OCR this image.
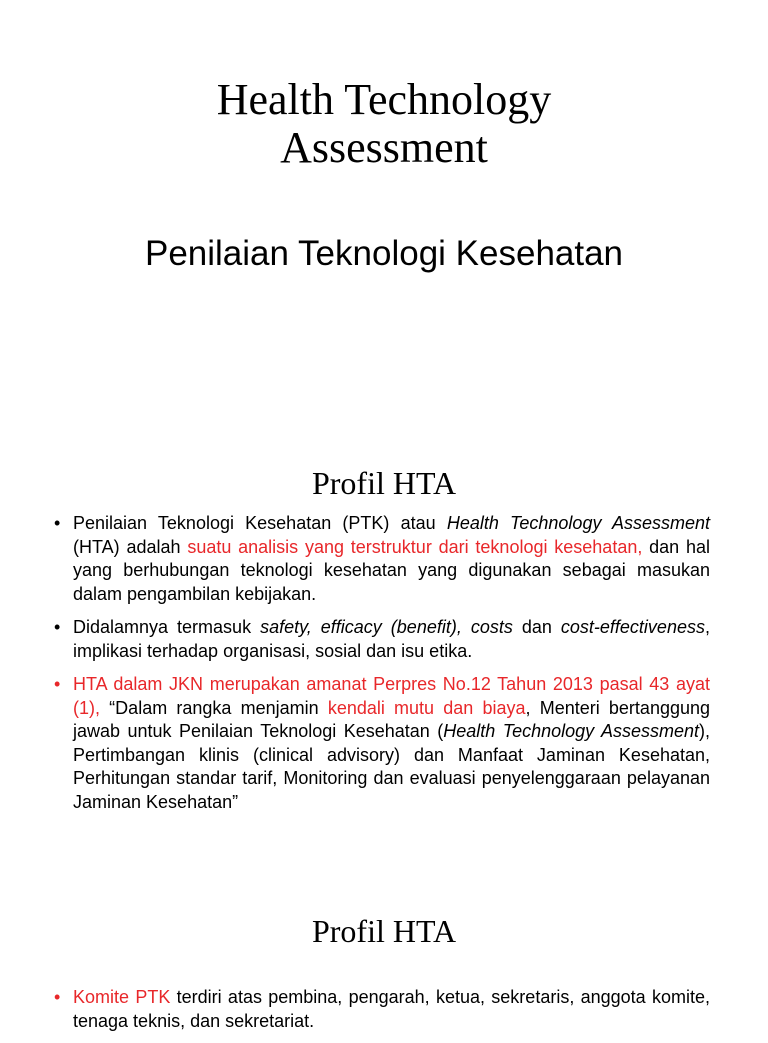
Health Technology
Assessment
Penilaian Teknologi Kesehatan
Profil HTA
• Penilaian Teknologi Kesehatan (PTK) atau Health Technology Assessment (HTA) adalah suatu analisis yang terstruktur dari teknologi kesehatan, dan hal yang berhubungan teknologi kesehatan yang digunakan sebagai masukan dalam pengambilan kebijakan.
• Didalamnya termasuk safety, efficacy (benefit), costs dan cost-effectiveness, implikasi terhadap organisasi, sosial dan isu etika.
• HTA dalam JKN merupakan amanat Perpres No.12 Tahun 2013 pasal 43 ayat (1), “Dalam rangka menjamin kendali mutu dan biaya, Menteri bertanggung jawab untuk Penilaian Teknologi Kesehatan (Health Technology Assessment), Pertimbangan klinis (clinical advisory) dan Manfaat Jaminan Kesehatan, Perhitungan standar tarif, Monitoring dan evaluasi penyelenggaraan pelayanan Jaminan Kesehatan”
Profil HTA
• Komite PTK terdiri atas pembina, pengarah, ketua, sekretaris, anggota komite, tenaga teknis, dan sekretariat.
